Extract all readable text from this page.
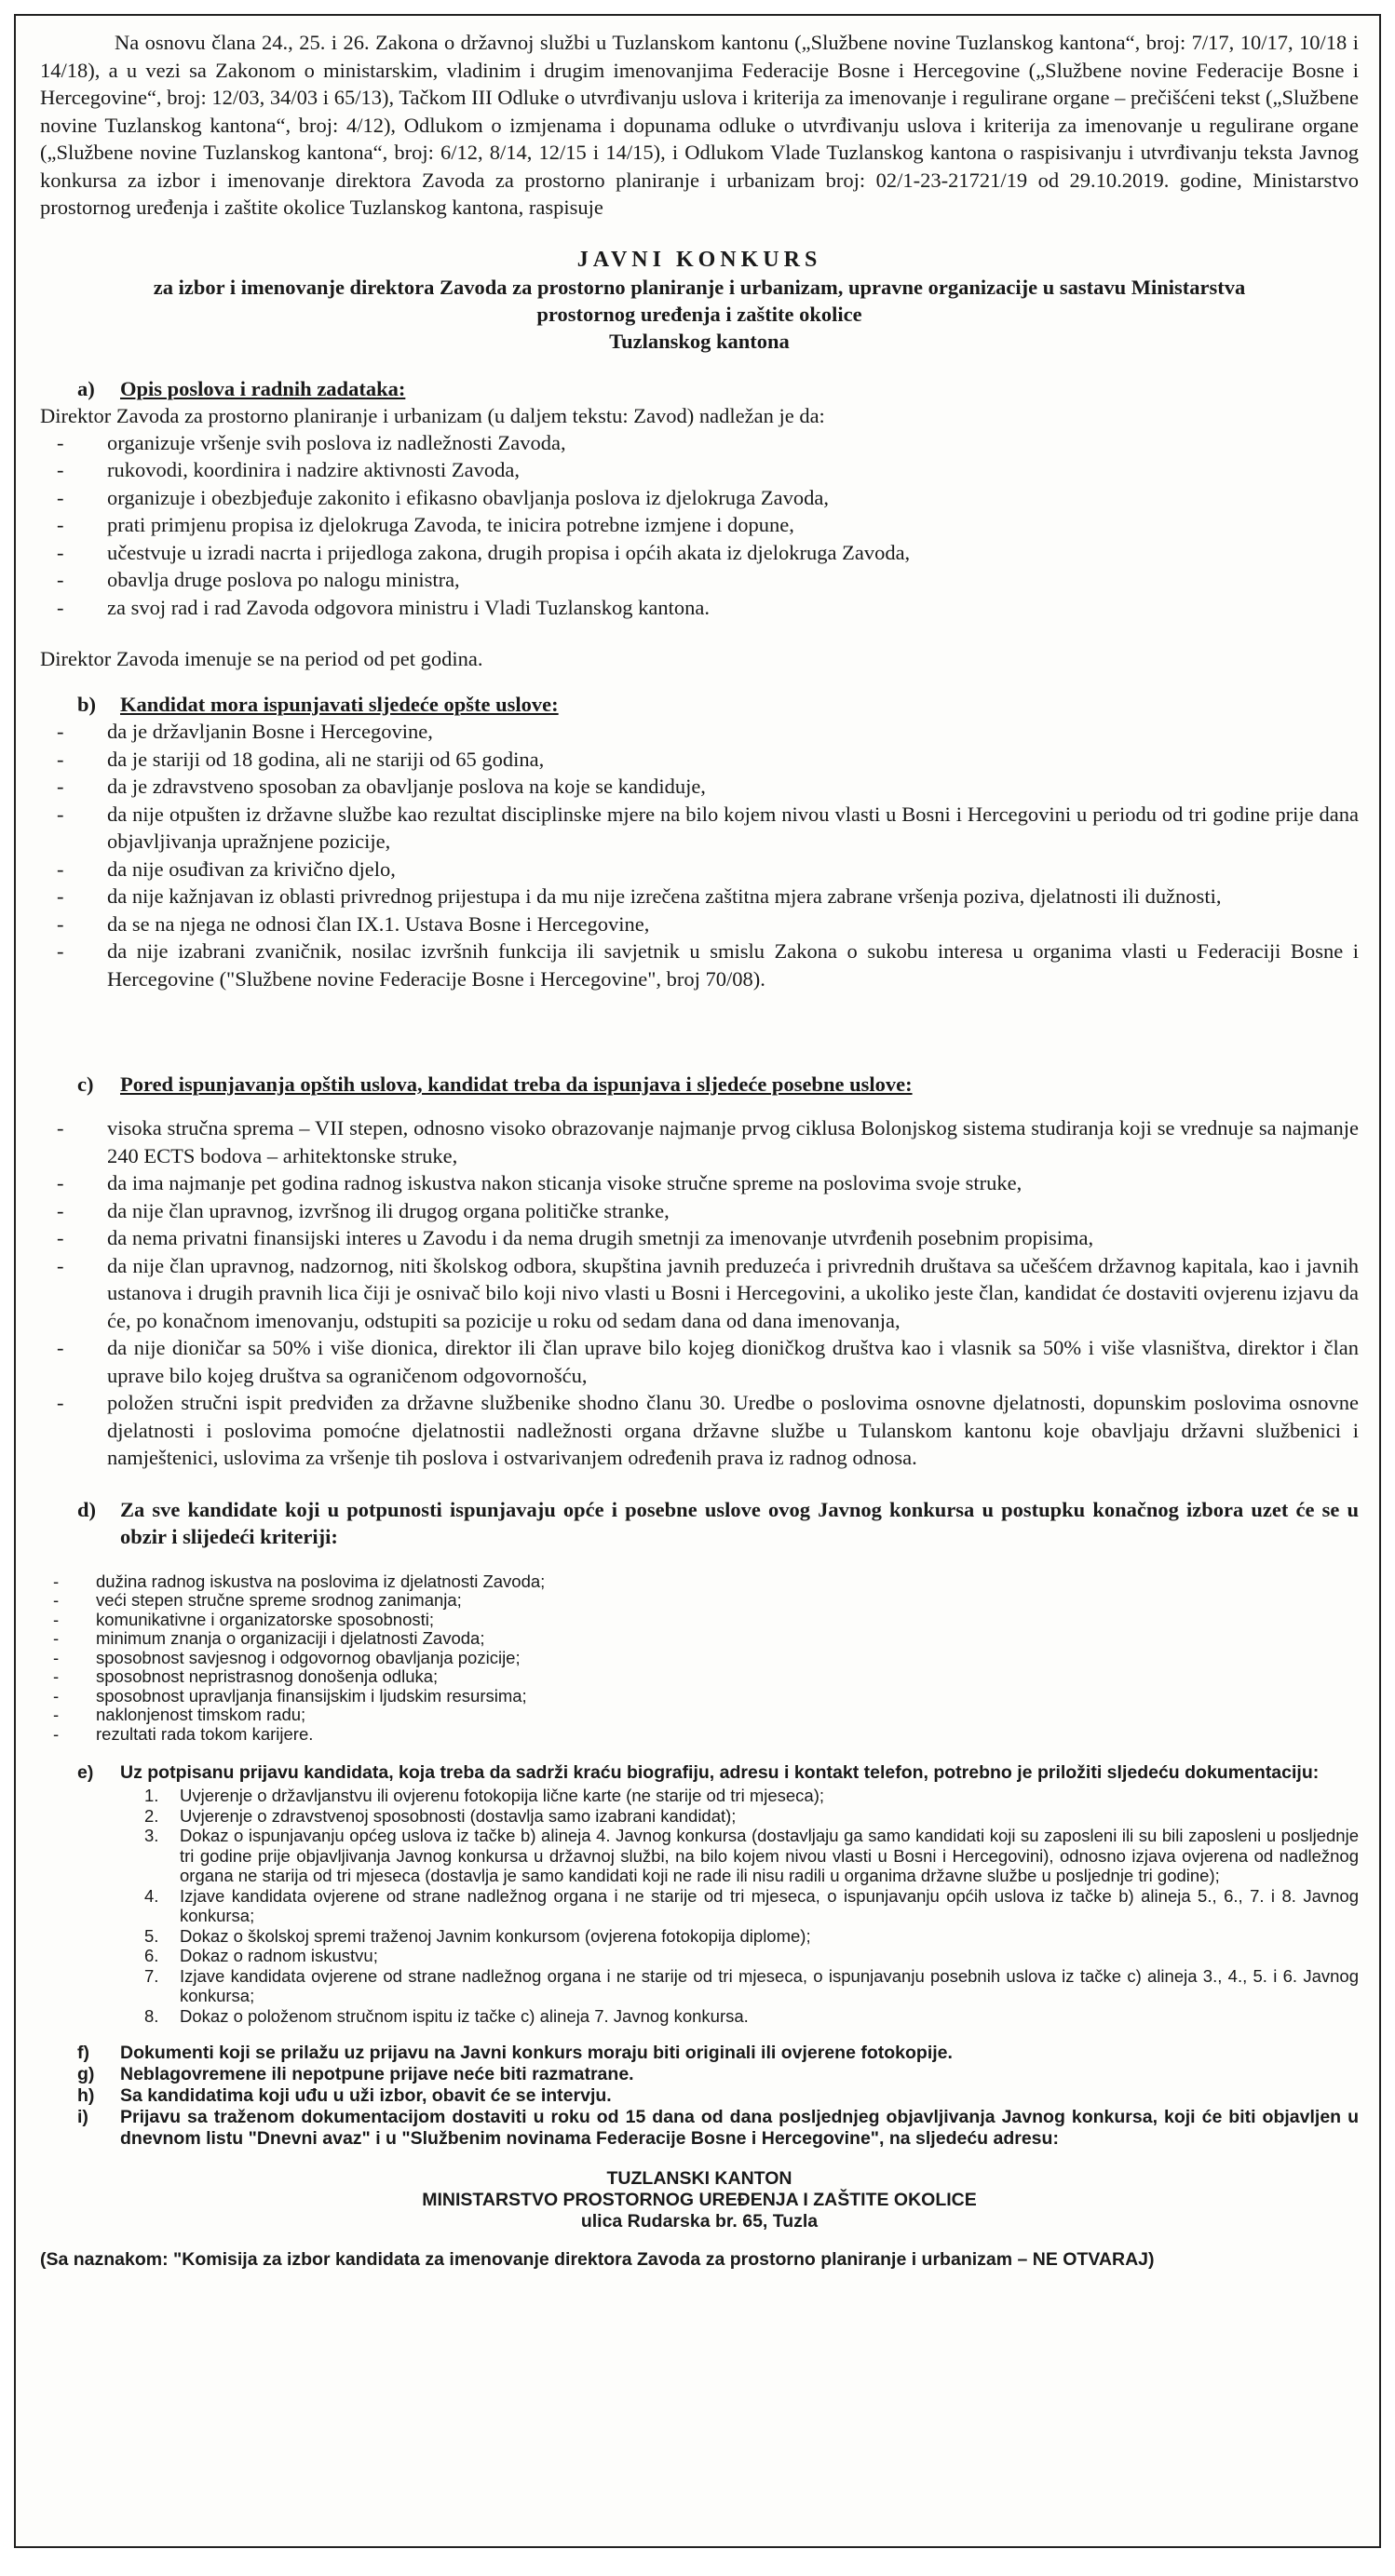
Na osnovu člana 24., 25. i 26. Zakona o državnoj službi u Tuzlanskom kantonu („Službene novine Tuzlanskog kantona“, broj: 7/17, 10/17, 10/18 i 14/18), a u vezi sa Zakonom o ministarskim, vladinim i drugim imenovanjima Federacije Bosne i Hercegovine („Službene novine Federacije Bosne i Hercegovine“, broj: 12/03, 34/03 i 65/13), Tačkom III Odluke o utvrđivanju uslova i kriterija za imenovanje i regulirane organe – prečišćeni tekst („Službene novine Tuzlanskog kantona“, broj: 4/12), Odlukom o izmjenama i dopunama odluke o utvrđivanju uslova i kriterija za imenovanje u regulirane organe („Službene novine Tuzlanskog kantona“, broj: 6/12, 8/14, 12/15 i 14/15), i Odlukom Vlade Tuzlanskog kantona o raspisivanju i utvrđivanju teksta Javnog konkursa za izbor i imenovanje direktora Zavoda za prostorno planiranje i urbanizam broj: 02/1-23-21721/19 od 29.10.2019. godine, Ministarstvo prostornog uređenja i zaštite okolice Tuzlanskog kantona, raspisuje

JAVNI KONKURS
za izbor i imenovanje direktora Zavoda za prostorno planiranje i urbanizam, upravne organizacije u sastavu Ministarstva
prostornog uređenja i zaštite okolice
Tuzlanskog kantona
a)	Opis poslova i radnih zadataka:

Direktor Zavoda za prostorno planiranje i urbanizam (u daljem tekstu: Zavod) nadležan je da:

-	organizuje vršenje svih poslova iz nadležnosti Zavoda,
-	rukovodi, koordinira i nadzire aktivnosti Zavoda,
-	organizuje i obezbjeđuje zakonito i efikasno obavljanja poslova iz djelokruga Zavoda,
-	prati primjenu propisa iz djelokruga Zavoda, te inicira potrebne izmjene i dopune,
-	učestvuje u izradi nacrta i prijedloga zakona, drugih propisa i općih akata iz djelokruga Zavoda,
-	obavlja druge poslova po nalogu ministra,
-	za svoj rad i rad Zavoda odgovora ministru i Vladi Tuzlanskog kantona.

Direktor Zavoda imenuje se na period od pet godina.

b)	Kandidat mora ispunjavati sljedeće opšte uslove:
-	da je državljanin Bosne i Hercegovine,
-	da je stariji od 18 godina, ali ne stariji od 65 godina,
-	da je zdravstveno sposoban za obavljanje poslova na koje se kandiduje,
-	da nije otpušten iz državne službe kao rezultat disciplinske mjere na bilo kojem nivou vlasti u Bosni i Hercegovini u periodu od tri godine prije dana objavljivanja upražnjene pozicije,
-	da nije osuđivan za krivično djelo,
-	da nije kažnjavan iz oblasti privrednog prijestupa i da mu nije izrečena zaštitna mjera zabrane vršenja poziva, djelatnosti ili dužnosti,
-	da se na njega ne odnosi član IX.1. Ustava Bosne i Hercegovine,
-	da nije izabrani zvaničnik, nosilac izvršnih funkcija ili savjetnik u smislu Zakona o sukobu interesa u organima vlasti u Federaciji Bosne i Hercegovine ("Službene novine Federacije Bosne i Hercegovine", broj 70/08).
c)	Pored ispunjavanja opštih uslova, kandidat treba da ispunjava i sljedeće posebne uslove:
-	visoka stručna sprema – VII stepen, odnosno visoko obrazovanje najmanje prvog ciklusa Bolonjskog sistema studiranja koji se vrednuje sa najmanje 240 ECTS bodova – arhitektonske struke,
-	da ima najmanje pet godina radnog iskustva nakon sticanja visoke stručne spreme na poslovima svoje struke,
-	da nije član upravnog, izvršnog ili drugog organa političke stranke,
-	da nema privatni finansijski interes u Zavodu i da nema drugih smetnji za imenovanje utvrđenih posebnim propisima,
-	da nije član upravnog, nadzornog, niti školskog odbora, skupština javnih preduzeća i privrednih društava sa učešćem državnog kapitala, kao i javnih ustanova i drugih pravnih lica čiji je osnivač bilo koji nivo vlasti u Bosni i Hercegovini, a ukoliko jeste član, kandidat će dostaviti ovjerenu izjavu da će, po konačnom imenovanju, odstupiti sa pozicije u roku od sedam dana od dana imenovanja,
-	da nije dioničar sa 50% i više dionica, direktor ili član uprave bilo kojeg dioničkog društva kao i vlasnik sa 50% i više vlasništva, direktor i član uprave bilo kojeg društva sa ograničenom odgovornošću,
-	položen stručni ispit predviđen za državne službenike shodno članu 30. Uredbe o poslovima osnovne djelatnosti, dopunskim poslovima osnovne djelatnosti i poslovima pomoćne djelatnostii nadležnosti organa državne službe u Tulanskom kantonu koje obavljaju državni službenici i namještenici, uslovima za vršenje tih poslova i ostvarivanjem određenih prava iz radnog odnosa.
d)	Za sve kandidate koji u potpunosti ispunjavaju opće i posebne uslove ovog Javnog konkursa u postupku konačnog izbora uzet će se u obzir i slijedeći kriteriji:
-	dužina radnog iskustva na poslovima iz djelatnosti Zavoda;
-	veći stepen stručne spreme srodnog zanimanja;
-	komunikativne i organizatorske sposobnosti;
-	minimum znanja o organizaciji i djelatnosti Zavoda;
-	sposobnost savjesnog i odgovornog obavljanja pozicije;
-	sposobnost nepristrasnog donošenja odluka;
-	sposobnost upravljanja finansijskim i ljudskim resursima;
-	naklonjenost timskom radu;
-	rezultati rada tokom karijere.
e)	Uz potpisanu prijavu kandidata, koja treba da sadrži kraću biografiju, adresu i kontakt telefon, potrebno je priložiti sljedeću dokumentaciju:
1.	Uvjerenje o državljanstvu ili ovjerenu fotokopija lične karte (ne starije od tri mjeseca);
2.	Uvjerenje o zdravstvenoj sposobnosti (dostavlja samo izabrani kandidat);
3.	Dokaz o ispunjavanju općeg uslova iz tačke b) alineja 4. Javnog konkursa (dostavljaju ga samo kandidati koji su zaposleni ili su bili zaposleni u posljednje tri godine prije objavljivanja Javnog konkursa u državnoj službi, na bilo kojem nivou vlasti u Bosni i Hercegovini), odnosno izjava ovjerena od nadležnog organa ne starija od tri mjeseca (dostavlja je samo kandidati koji ne rade ili nisu radili u organima državne službe u posljednje tri godine);
4.	Izjave kandidata ovjerene od strane nadležnog organa i ne starije od tri mjeseca, o ispunjavanju općih uslova iz tačke b) alineja 5., 6., 7. i 8. Javnog konkursa;
5.	Dokaz o školskoj spremi traženoj Javnim konkursom (ovjerena fotokopija diplome);
6.	Dokaz o radnom iskustvu;
7.	Izjave kandidata ovjerene od strane nadležnog organa i ne starije od tri mjeseca, o ispunjavanju posebnih uslova iz tačke c) alineja 3., 4., 5. i 6. Javnog konkursa;
8.	Dokaz o položenom stručnom ispitu iz tačke c) alineja 7. Javnog konkursa.
f)	Dokumenti koji se prilažu uz prijavu na Javni konkurs moraju biti originali ili ovjerene fotokopije.
g)	Neblagovremene ili nepotpune prijave neće biti razmatrane.
h)	Sa kandidatima koji uđu u uži izbor, obavit će se intervju.
i)	Prijavu sa traženom dokumentacijom dostaviti u roku od 15 dana od dana posljednjeg objavljivanja Javnog konkursa, koji će biti objavljen u dnevnom listu "Dnevni avaz" i u "Službenim novinama Federacije Bosne i Hercegovine", na sljedeću adresu:
TUZLANSKI KANTON
MINISTARSTVO PROSTORNOG UREĐENJA I ZAŠTITE OKOLICE
ulica Rudarska br. 65, Tuzla

(Sa naznakom: "Komisija za izbor kandidata za imenovanje direktora Zavoda za prostorno planiranje i urbanizam – NE OTVARAJ)
